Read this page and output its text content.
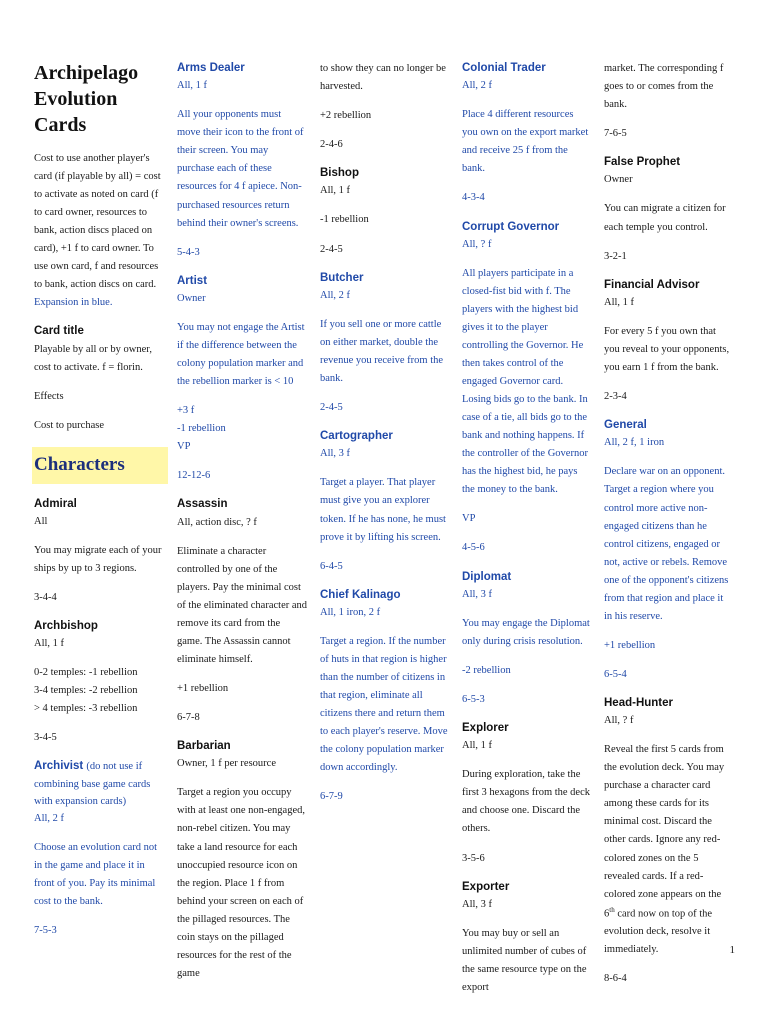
Archipelago
Evolution Cards
Cost to use another player's card (if playable by all) = cost to activate as noted on card (f to card owner, resources to bank, action discs placed on card), +1 f to card owner. To use own card, f and resources to bank, action discs on card. Expansion in blue.
Card title
Playable by all or by owner, cost to activate. f = florin.
Effects
Cost to purchase
Characters
Admiral
All
You may migrate each of your ships by up to 3 regions.
3-4-4
Archbishop
All, 1 f
0-2 temples: -1 rebellion
3-4 temples: -2 rebellion
> 4 temples: -3 rebellion
3-4-5
Archivist (do not use if combining base game cards with expansion cards)
All, 2 f
Choose an evolution card not in the game and place it in front of you. Pay its minimal cost to the bank.
7-5-3
Arms Dealer
All, 1 f
All your opponents must move their icon to the front of their screen. You may purchase each of these resources for 4 f apiece. Non-purchased resources return behind their owner's screens.
5-4-3
Artist
Owner
You may not engage the Artist if the difference between the colony population marker and the rebellion marker is < 10
+3 f
-1 rebellion
VP
12-12-6
Assassin
All, action disc, ? f
Eliminate a character controlled by one of the players. Pay the minimal cost of the eliminated character and remove its card from the game. The Assassin cannot eliminate himself.
+1 rebellion
6-7-8
Barbarian
Owner, 1 f per resource
Target a region you occupy with at least one non-engaged, non-rebel citizen. You may take a land resource for each unoccupied resource icon on the region. Place 1 f from behind your screen on each of the pillaged resources. The coin stays on the pillaged resources for the rest of the game
to show they can no longer be harvested.
+2 rebellion
2-4-6
Bishop
All, 1 f
-1 rebellion
2-4-5
Butcher
All, 2 f
If you sell one or more cattle on either market, double the revenue you receive from the bank.
2-4-5
Cartographer
All, 3 f
Target a player. That player must give you an explorer token. If he has none, he must prove it by lifting his screen.
6-4-5
Chief Kalinago
All, 1 iron, 2 f
Target a region. If the number of huts in that region is higher than the number of citizens in that region, eliminate all citizens there and return them to each player's reserve. Move the colony population marker down accordingly.
6-7-9
Colonial Trader
All, 2 f
Place 4 different resources you own on the export market and receive 25 f from the bank.
4-3-4
Corrupt Governor
All, ? f
All players participate in a closed-fist bid with f. The players with the highest bid gives it to the player controlling the Governor. He then takes control of the engaged Governor card. Losing bids go to the bank. In case of a tie, all bids go to the bank and nothing happens. If the controller of the Governor has the highest bid, he pays the money to the bank.
VP
4-5-6
Diplomat
All, 3 f
You may engage the Diplomat only during crisis resolution.
-2 rebellion
6-5-3
Explorer
All, 1 f
During exploration, take the first 3 hexagons from the deck and choose one. Discard the others.
3-5-6
Exporter
All, 3 f
You may buy or sell an unlimited number of cubes of the same resource type on the export
market. The corresponding f goes to or comes from the bank.
7-6-5
False Prophet
Owner
You can migrate a citizen for each temple you control.
3-2-1
Financial Advisor
All, 1 f
For every 5 f you own that you reveal to your opponents, you earn 1 f from the bank.
2-3-4
General
All, 2 f, 1 iron
Declare war on an opponent. Target a region where you control more active non-engaged citizens than he control citizens, engaged or not, active or rebels. Remove one of the opponent's citizens from that region and place it in his reserve.
+1 rebellion
6-5-4
Head-Hunter
All, ? f
Reveal the first 5 cards from the evolution deck. You may purchase a character card among these cards for its minimal cost. Discard the other cards. Ignore any red-colored zones on the 5 revealed cards. If a red-colored zone appears on the 6th card now on top of the evolution deck, resolve it immediately.
8-6-4
1
